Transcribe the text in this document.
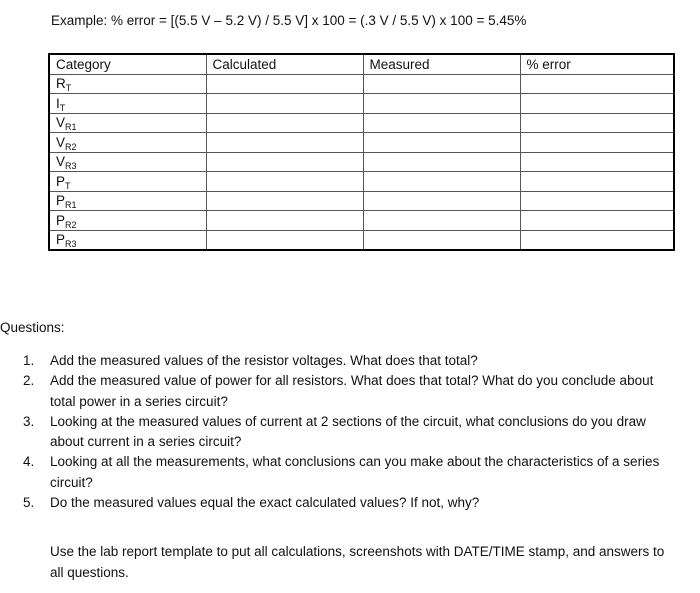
Example: % error = [(5.5 V – 5.2 V) / 5.5 V] x 100 = (.3 V / 5.5 V) x 100 = 5.45%
Category	Calculated	Measured	% error
$R_T$			
$I_T$			
$V_{R1}$			
$V_{R2}$			
$V_{R3}$			
$P_T$			
$P_{R1}$			
$P_{R2}$			
$P_{R3}$			
Questions:
1. Add the measured values of the resistor voltages. What does that total?
2. Add the measured value of power for all resistors. What does that total? What do you conclude about total power in a series circuit?
3. Looking at the measured values of current at 2 sections of the circuit, what conclusions do you draw about current in a series circuit?
4. Looking at all the measurements, what conclusions can you make about the characteristics of a series circuit?
5. Do the measured values equal the exact calculated values? If not, why?
Use the lab report template to put all calculations, screenshots with DATE/TIME stamp, and answers to all questions.
